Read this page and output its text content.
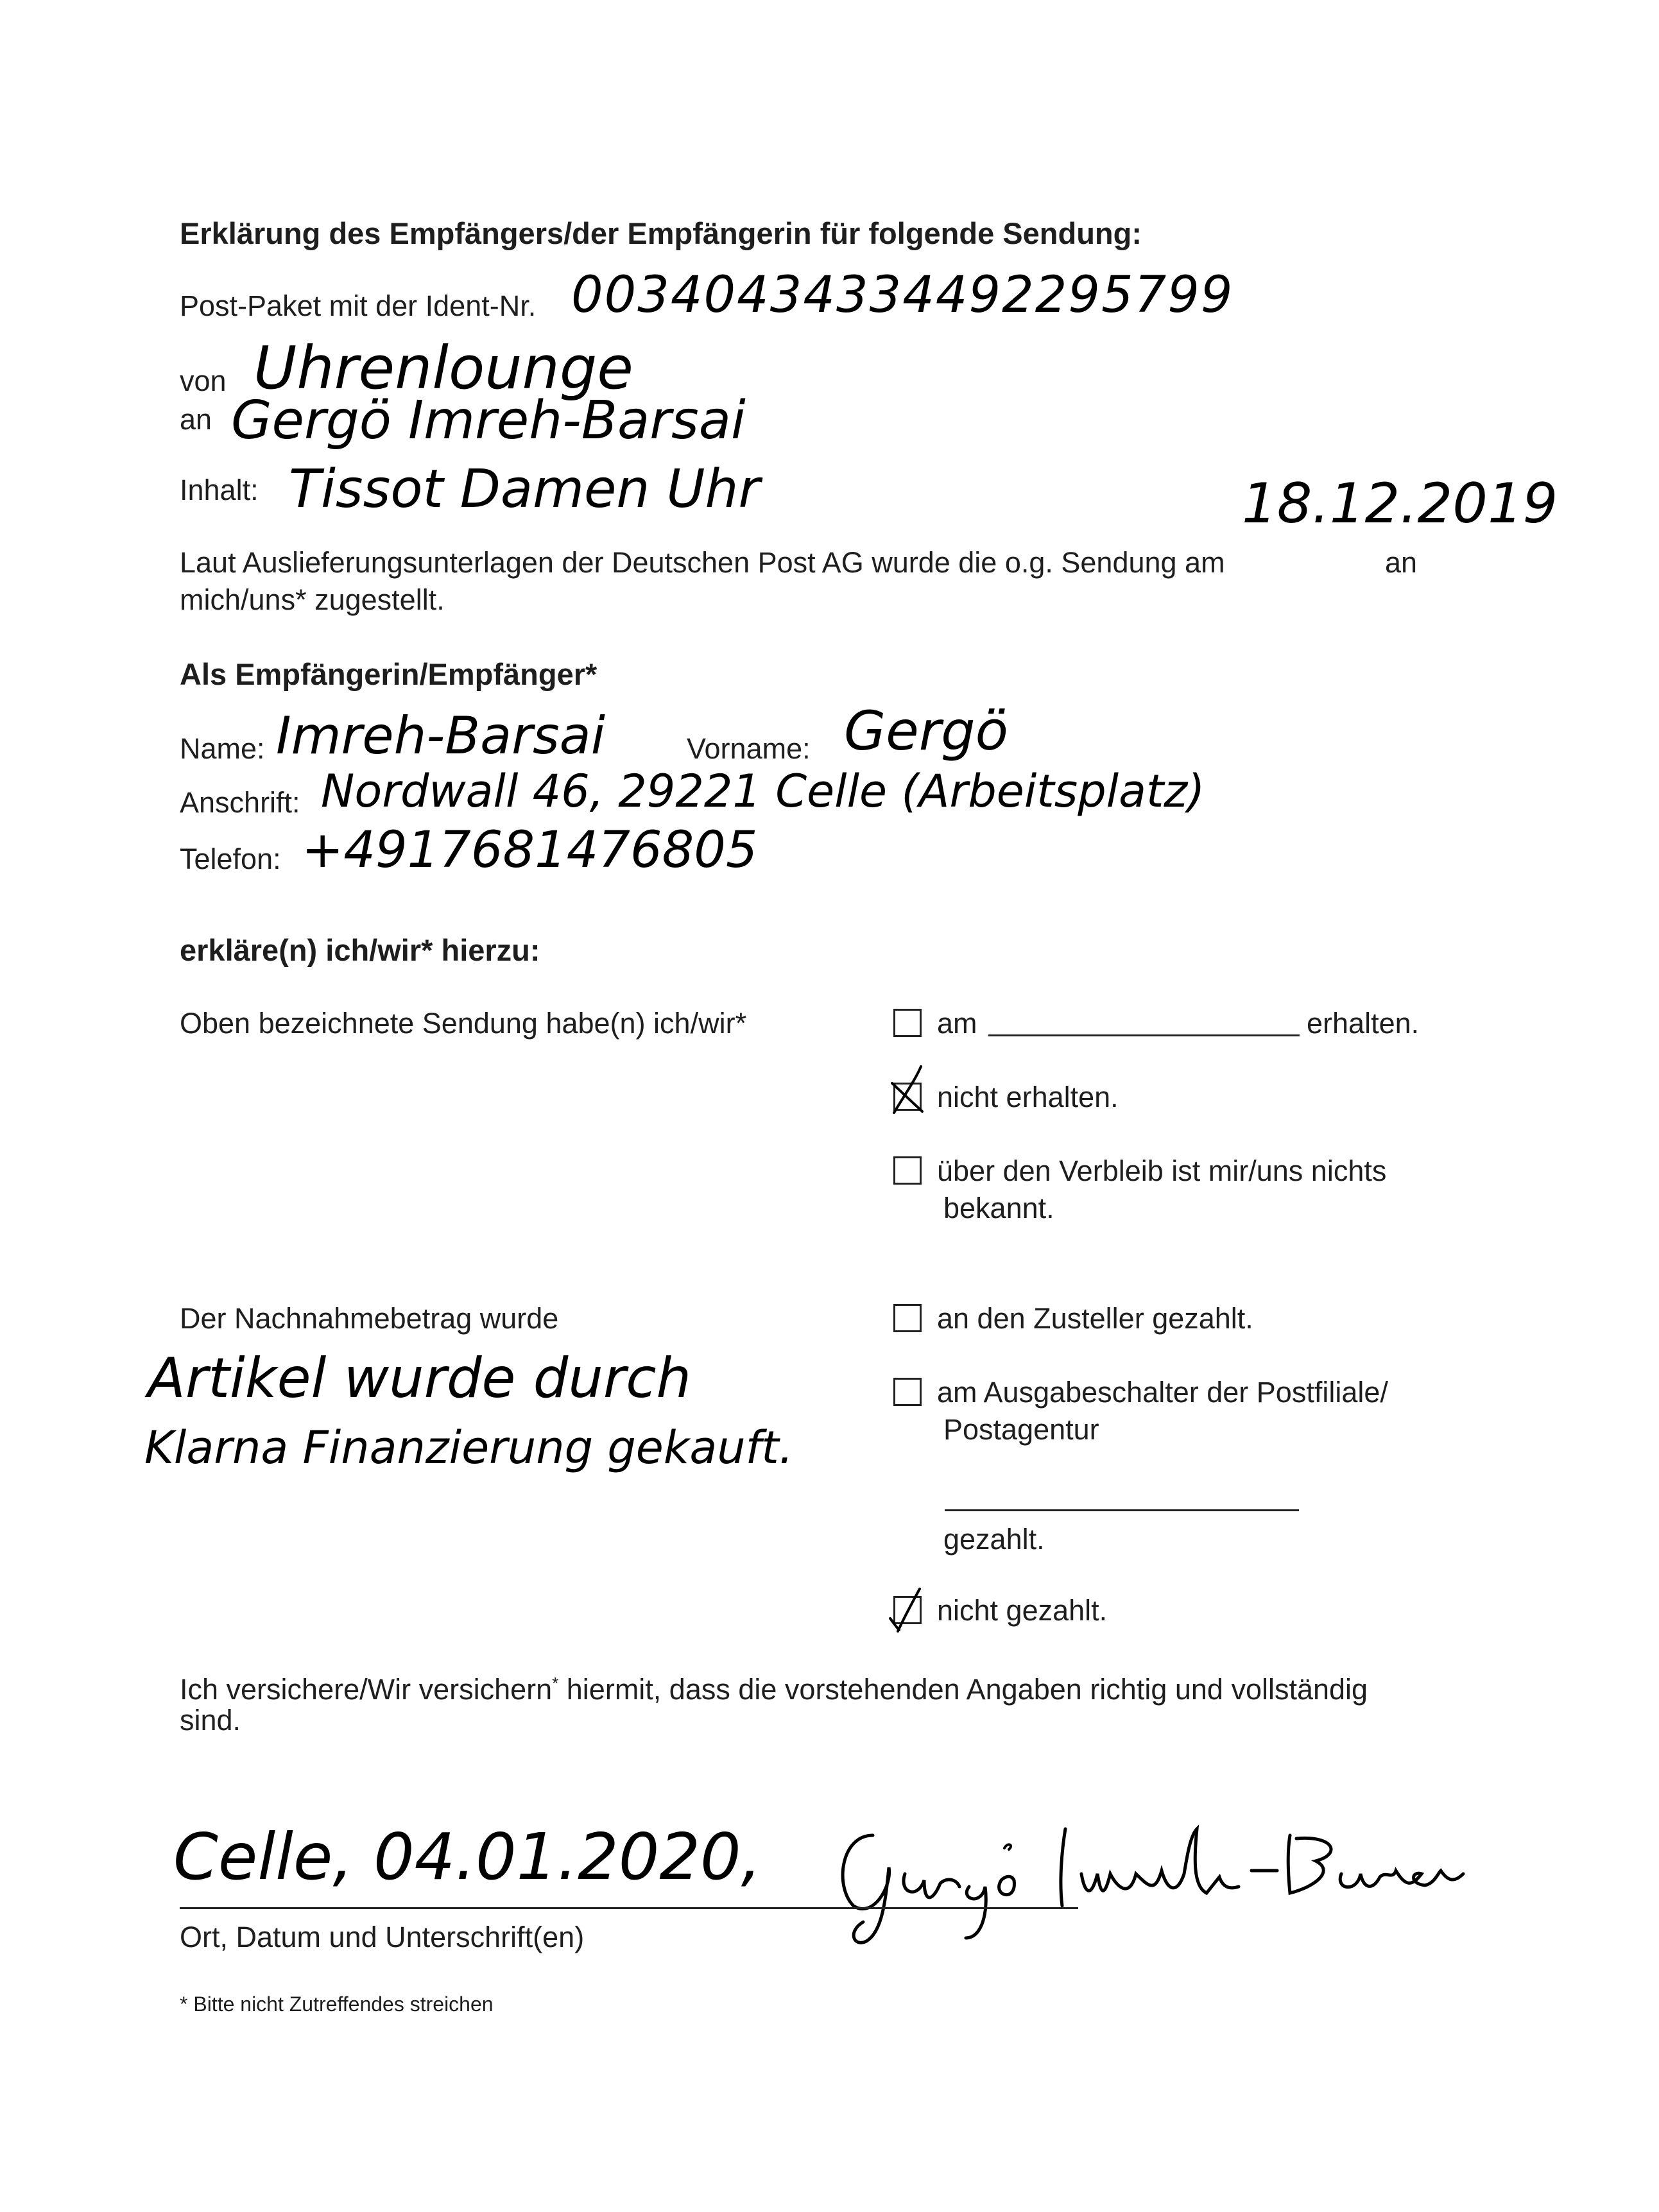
Erklärung des Empfängers/der Empfängerin für folgende Sendung:
Post-Paket mit der Ident-Nr. 00340434334492295799
von Uhrenlounge
an Gergö Imreh-Barsai
Inhalt: Tissot Damen Uhr	18.12.2019
Laut Auslieferungsunterlagen der Deutschen Post AG wurde die o.g. Sendung am	an
mich/uns* zugestellt.
Als Empfängerin/Empfänger*
Name: Imreh-Barsai	Vorname: Gergö
Anschrift: Nordwall 46, 29221 Celle (Arbeitsplatz)
Telefon: +4917681476805
erkläre(n) ich/wir* hierzu:
Oben bezeichnete Sendung habe(n) ich/wir*	am	erhalten.
nicht erhalten.
über den Verbleib ist mir/uns nichts
bekannt.
Der Nachnahmebetrag wurde
Artikel wurde durch
Klarna Finanzierung gekauft.
an den Zusteller gezahlt.
am Ausgabeschalter der Postfiliale/
Postagentur
gezahlt.
nicht gezahlt.
Ich versichere/Wir versichern* hiermit, dass die vorstehenden Angaben richtig und vollständig
sind.
Celle, 04.01.2020,
Ort, Datum und Unterschrift(en)
* Bitte nicht Zutreffendes streichen
